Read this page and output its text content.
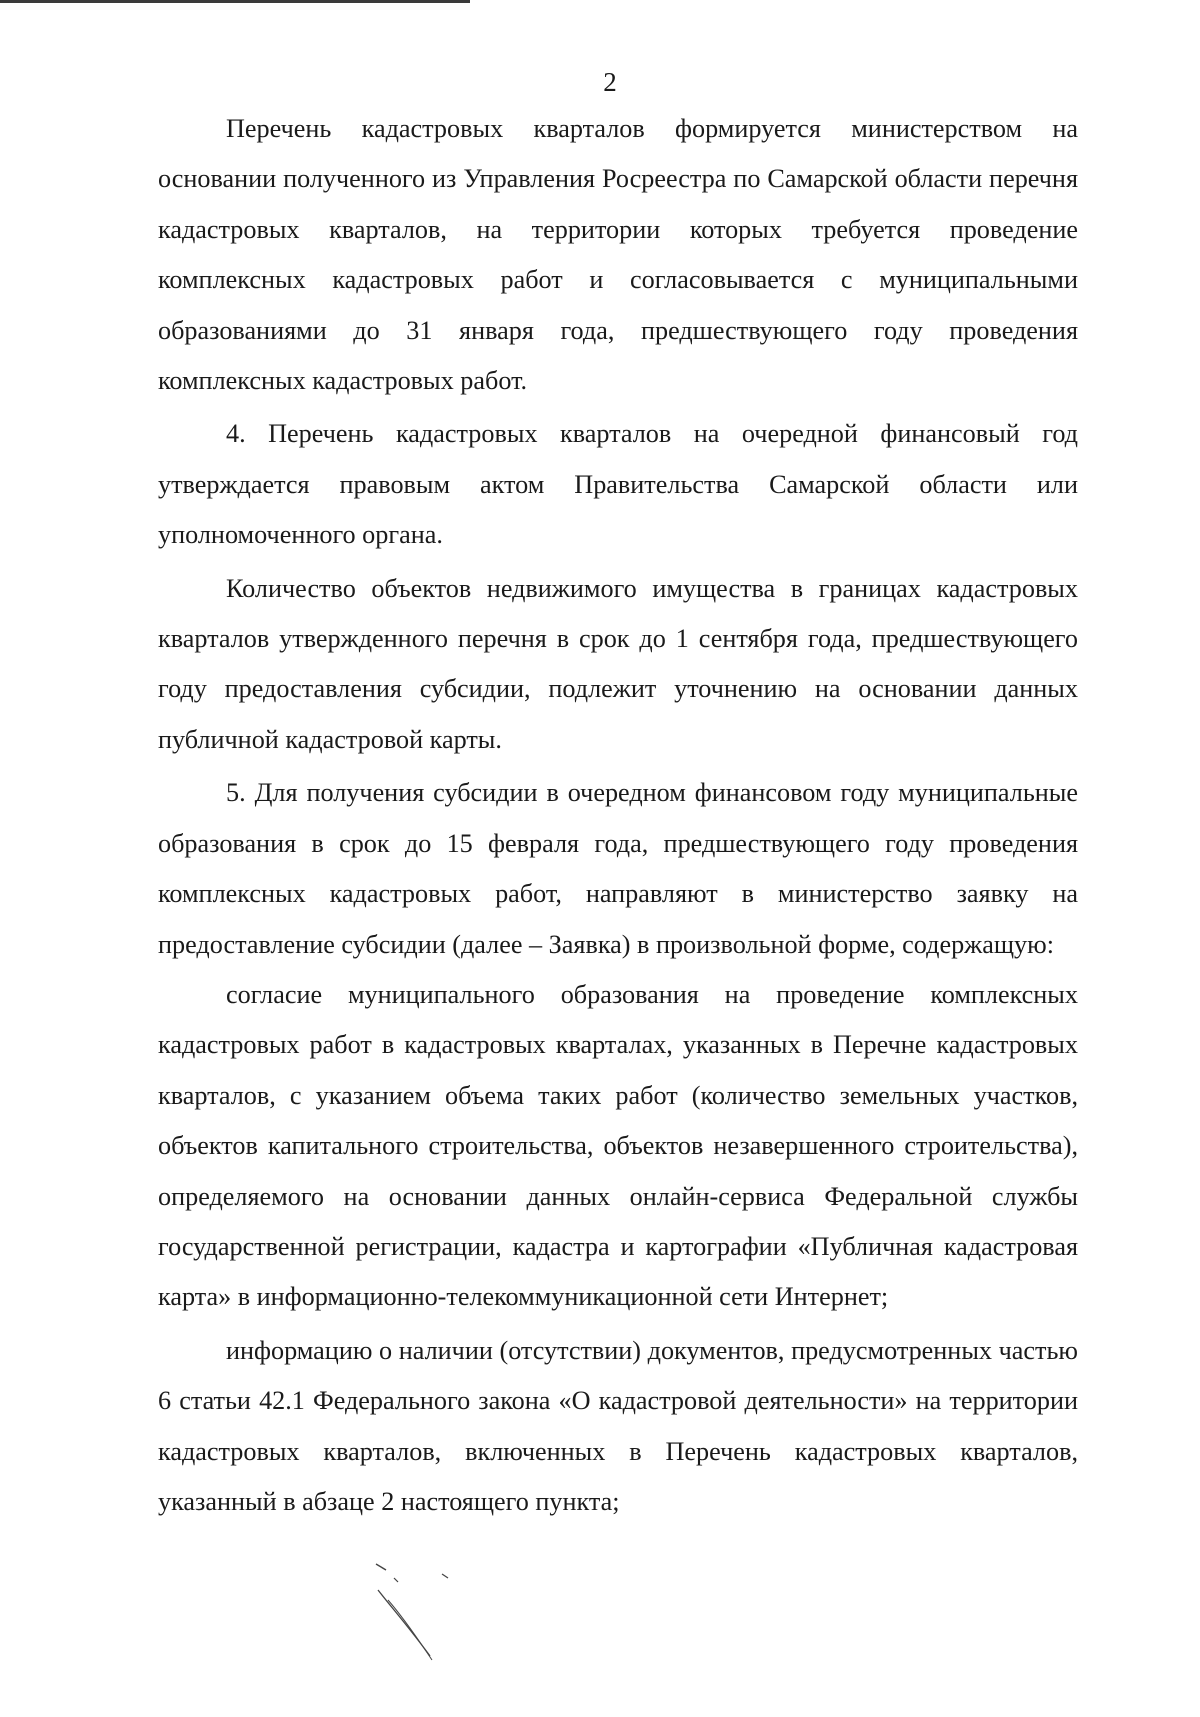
2

Перечень кадастровых кварталов формируется министерством на основании полученного из Управления Росреестра по Самарской области перечня кадастровых кварталов, на территории которых требуется проведение комплексных кадастровых работ и согласовывается с муниципальными образованиями до 31 января года, предшествующего году проведения комплексных кадастровых работ.

4. Перечень кадастровых кварталов на очередной финансовый год утверждается правовым актом Правительства Самарской области или уполномоченного органа.

Количество объектов недвижимого имущества в границах кадастровых кварталов утвержденного перечня в срок до 1 сентября года, предшествующего году предоставления субсидии, подлежит уточнению на основании данных публичной кадастровой карты.

5. Для получения субсидии в очередном финансовом году муниципальные образования в срок до 15 февраля года, предшествующего году проведения комплексных кадастровых работ, направляют в министерство заявку на предоставление субсидии (далее – Заявка) в произвольной форме, содержащую:

согласие муниципального образования на проведение комплексных кадастровых работ в кадастровых кварталах, указанных в Перечне кадастровых кварталов, с указанием объема таких работ (количество земельных участков, объектов капитального строительства, объектов незавершенного строительства), определяемого на основании данных онлайн-сервиса Федеральной службы государственной регистрации, кадастра и картографии «Публичная кадастровая карта» в информационно-телекоммуникационной сети Интернет;

информацию о наличии (отсутствии) документов, предусмотренных частью 6 статьи 42.1 Федерального закона «О кадастровой деятельности» на территории кадастровых кварталов, включенных в Перечень кадастровых кварталов, указанный в абзаце 2 настоящего пункта;
